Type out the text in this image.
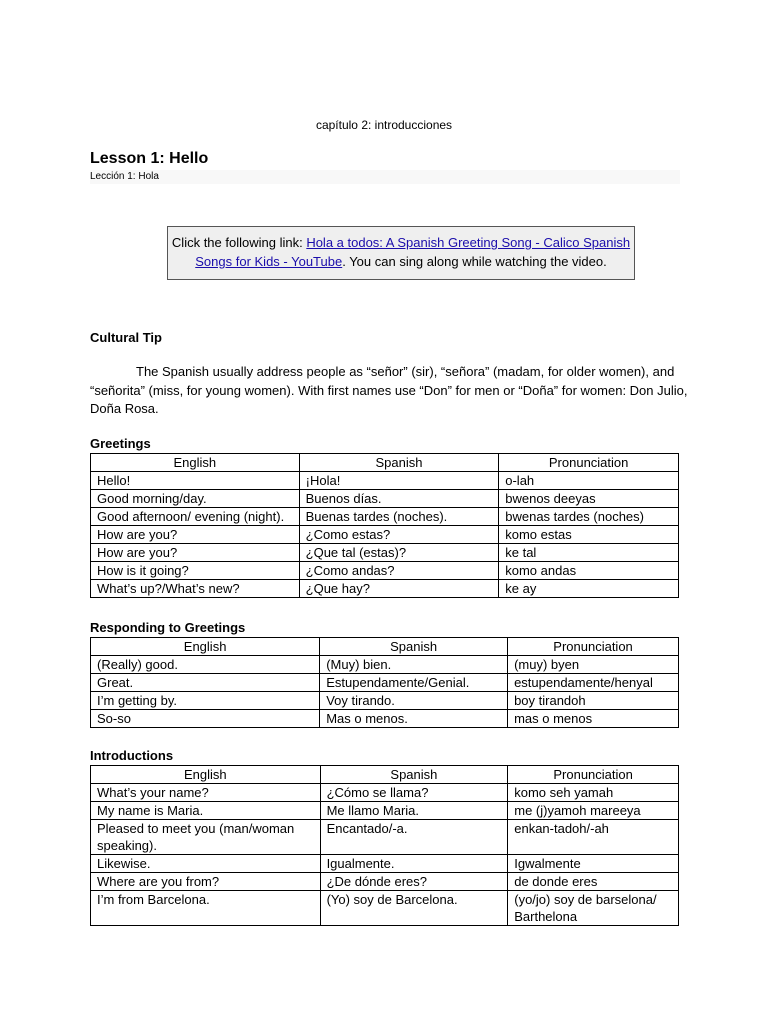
capítulo 2: introducciones
Lesson 1: Hello
Lección 1: Hola
Click the following link: Hola a todos: A Spanish Greeting Song - Calico Spanish Songs for Kids - YouTube. You can sing along while watching the video.
Cultural Tip
The Spanish usually address people as “señor” (sir), “señora” (madam, for older women), and “señorita” (miss, for young women). With first names use “Don” for men or “Doña” for women: Don Julio, Doña Rosa.
Greetings
English	Spanish	Pronunciation
Hello!	¡Hola!	o-lah
Good morning/day.	Buenos días.	bwenos deeyas
Good afternoon/ evening (night).	Buenas tardes (noches).	bwenas tardes (noches)
How are you?	¿Como estas?	komo estas
How are you?	¿Que tal (estas)?	ke tal
How is it going?	¿Como andas?	komo andas
What’s up?/What’s new?	¿Que hay?	ke ay
Responding to Greetings
English	Spanish	Pronunciation
(Really) good.	(Muy) bien.	(muy) byen
Great.	Estupendamente/Genial.	estupendamente/henyal
I’m getting by.	Voy tirando.	boy tirandoh
So-so	Mas o menos.	mas o menos
Introductions
English	Spanish	Pronunciation
What’s your name?	¿Cómo se llama?	komo seh yamah
My name is Maria.	Me llamo Maria.	me (j)yamoh mareeya
Pleased to meet you (man/woman speaking).	Encantado/-a.	enkan-tadoh/-ah
Likewise.	Igualmente.	Igwalmente
Where are you from?	¿De dónde eres?	de donde eres
I’m from Barcelona.	(Yo) soy de Barcelona.	(yo/jo) soy de barselona/ Barthelona
